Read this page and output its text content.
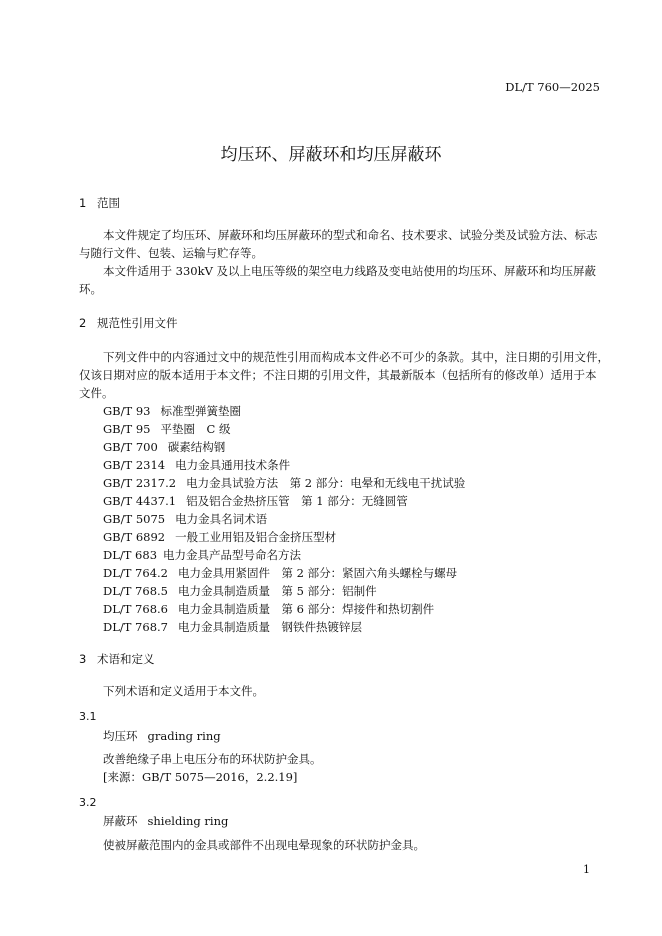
DL/T 760—2025
均压环、屏蔽环和均压屏蔽环
1 范围
本文件规定了均压环、屏蔽环和均压屏蔽环的型式和命名、技术要求、试验分类及试验方法、标志
与随行文件、包装、运输与贮存等。
本文件适用于 330kV 及以上电压等级的架空电力线路及变电站使用的均压环、屏蔽环和均压屏蔽
环。
2 规范性引用文件
下列文件中的内容通过文中的规范性引用而构成本文件必不可少的条款。其中，注日期的引用文件，
仅该日期对应的版本适用于本文件；不注日期的引用文件，其最新版本（包括所有的修改单）适用于本
文件。
GB/T 93 标准型弹簧垫圈
GB/T 95 平垫圈　C 级
GB/T 700 碳素结构钢
GB/T 2314 电力金具通用技术条件
GB/T 2317.2 电力金具试验方法　第 2 部分：电晕和无线电干扰试验
GB/T 4437.1 铝及铝合金热挤压管　第 1 部分：无缝圆管
GB/T 5075 电力金具名词术语
GB/T 6892 一般工业用铝及铝合金挤压型材
DL/T 683 电力金具产品型号命名方法
DL/T 764.2 电力金具用紧固件　第 2 部分：紧固六角头螺栓与螺母
DL/T 768.5 电力金具制造质量　第 5 部分：铝制件
DL/T 768.6 电力金具制造质量　第 6 部分：焊接件和热切割件
DL/T 768.7 电力金具制造质量　钢铁件热镀锌层
3 术语和定义
下列术语和定义适用于本文件。
3.1
均压环 grading ring
改善绝缘子串上电压分布的环状防护金具。
[来源：GB/T 5075—2016，2.2.19]
3.2
屏蔽环 shielding ring
使被屏蔽范围内的金具或部件不出现电晕现象的环状防护金具。
1
